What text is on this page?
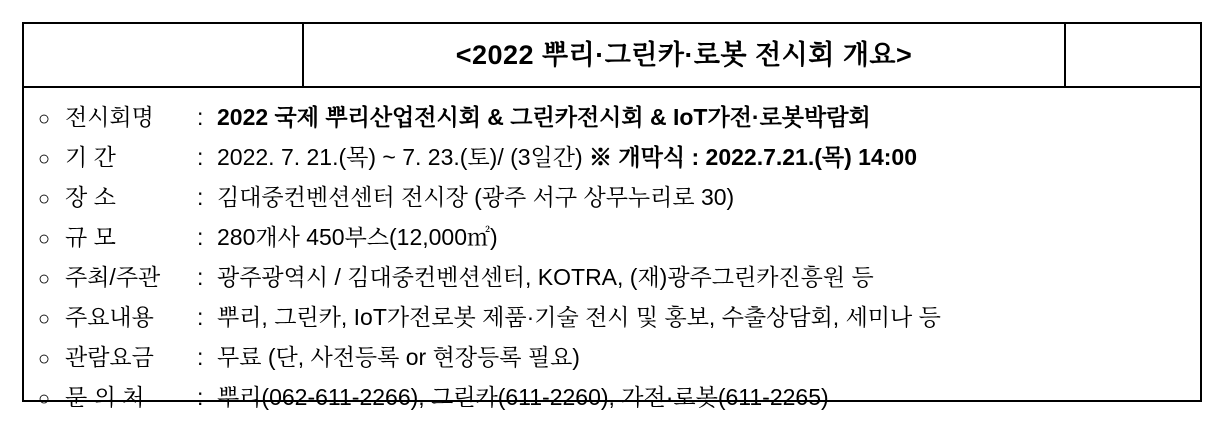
<2022 뿌리·그린카·로봇 전시회 개요>
○ 전시회명	: 2022 국제 뿌리산업전시회 & 그린카전시회 & IoT가전·로봇박람회
○ 기 간	: 2022. 7. 21.(목) ~ 7. 23.(토)/ (3일간) ※ 개막식 : 2022.7.21.(목) 14:00
○ 장 소	: 김대중컨벤션센터 전시장 (광주 서구 상무누리로 30)
○ 규 모	: 280개사 450부스(12,000㎡)
○ 주최/주관	: 광주광역시 / 김대중컨벤션센터, KOTRA, (재)광주그린카진흥원 등
○ 주요내용	: 뿌리, 그린카, IoT가전로봇 제품·기술 전시 및 홍보, 수출상담회, 세미나 등
○ 관람요금	: 무료 (단, 사전등록 or 현장등록 필요)
○ 문 의 처	: 뿌리(062-611-2266), 그린카(611-2260), 가전·로봇(611-2265)
